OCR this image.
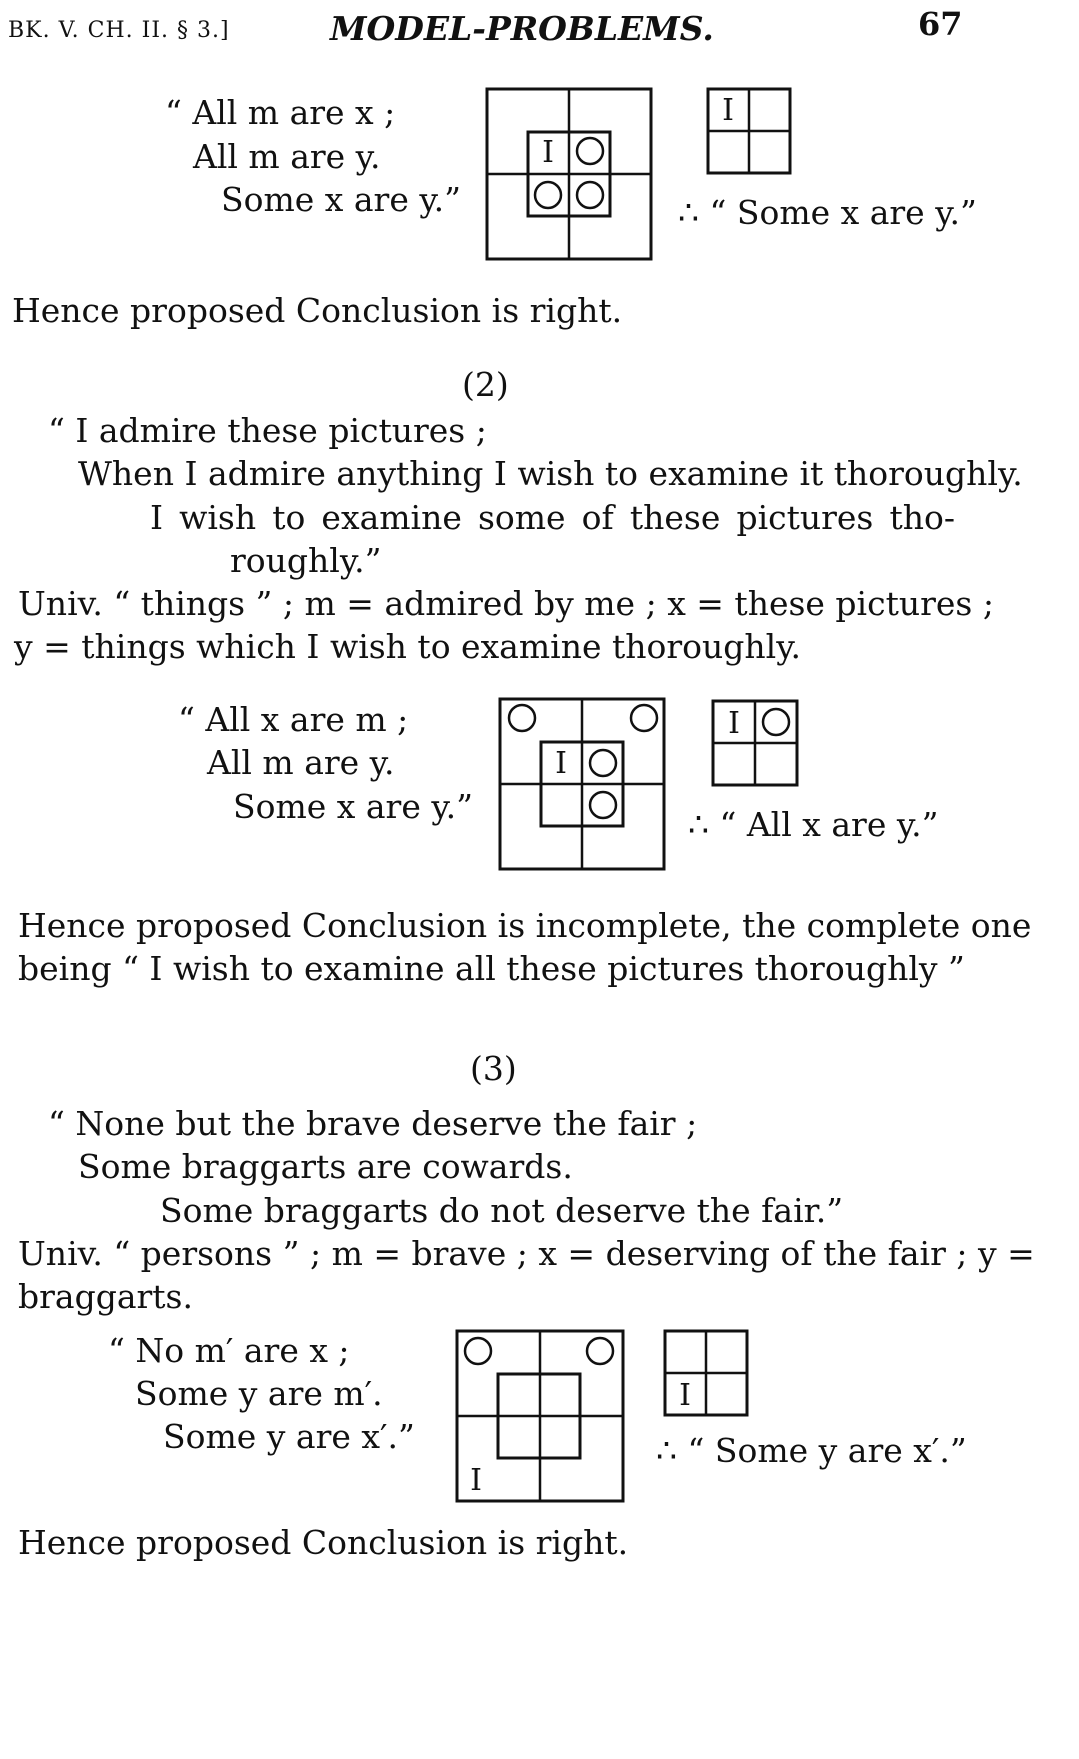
BK. V. CH. II. § 3.]	MODEL-PROBLEMS.	67
“ All m are x ;
All m are y.
Some x are y.”
I
I
∴ “ Some x are y.”
Hence proposed Conclusion is right.
(2)
“ I admire these pictures ;
When I admire anything I wish to examine it thoroughly.
I wish to examine some of these pictures tho-
roughly.”
Univ. “ things ” ; m = admired by me ; x = these pictures ;
y = things which I wish to examine thoroughly.
“ All x are m ;
All m are y.
Some x are y.”
I
I
∴ “ All x are y.”
Hence proposed Conclusion is incomplete, the complete one
being “ I wish to examine all these pictures thoroughly ”
(3)
“ None but the brave deserve the fair ;
Some braggarts are cowards.
Some braggarts do not deserve the fair.”
Univ. “ persons ” ; m = brave ; x = deserving of the fair ; y =
braggarts.
“ No m′ are x ;
Some y are m′.
Some y are x′.”
I
I
∴ “ Some y are x′.”
Hence proposed Conclusion is right.
